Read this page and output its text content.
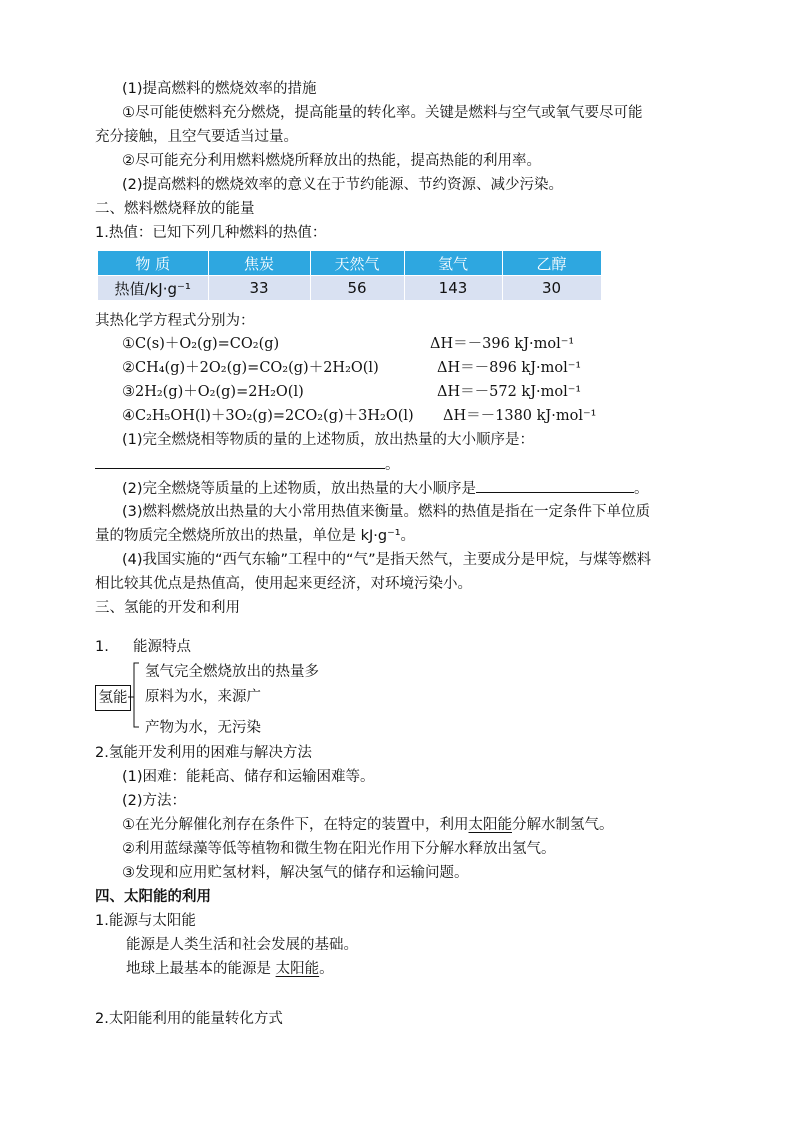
(1)提高燃料的燃烧效率的措施
①尽可能使燃料充分燃烧，提高能量的转化率。关键是燃料与空气或氧气要尽可能
充分接触，且空气要适当过量。
②尽可能充分利用燃料燃烧所释放出的热能，提高热能的利用率。
(2)提高燃料的燃烧效率的意义在于节约能源、节约资源、减少污染。
二、燃料燃烧释放的能量
1.热值：已知下列几种燃料的热值：
物 质	焦炭	天然气	氢气	乙醇
热值/kJ·g⁻¹	33	56	143	30
其热化学方程式分别为：
①C(s)＋O₂(g)=CO₂(g)	ΔH＝－396 kJ·mol⁻¹
②CH₄(g)＋2O₂(g)=CO₂(g)＋2H₂O(l)	ΔH＝－896 kJ·mol⁻¹
③2H₂(g)＋O₂(g)=2H₂O(l)	ΔH＝－572 kJ·mol⁻¹
④C₂H₅OH(l)＋3O₂(g)=2CO₂(g)＋3H₂O(l) ΔH＝－1380 kJ·mol⁻¹
(1)完全燃烧相等物质的量的上述物质，放出热量的大小顺序是：
。
(2)完全燃烧等质量的上述物质，放出热量的大小顺序是	。
(3)燃料燃烧放出热量的大小常用热值来衡量。燃料的热值是指在一定条件下单位质
量的物质完全燃烧所放出的热量，单位是 kJ·g⁻¹。
(4)我国实施的“西气东输”工程中的“气”是指天然气，主要成分是甲烷，与煤等燃料
相比较其优点是热值高，使用起来更经济，对环境污染小。
三、氢能的开发和利用
1. 能源特点
氢能
氢气完全燃烧放出的热量多
原料为水，来源广
产物为水，无污染
2.氢能开发利用的困难与解决方法
(1)困难：能耗高、储存和运输困难等。
(2)方法：
①在光分解催化剂存在条件下，在特定的装置中，利用太阳能分解水制氢气。
②利用蓝绿藻等低等植物和微生物在阳光作用下分解水释放出氢气。
③发现和应用贮氢材料，解决氢气的储存和运输问题。
四、太阳能的利用
1.能源与太阳能
能源是人类生活和社会发展的基础。
地球上最基本的能源是 太阳能。
2.太阳能利用的能量转化方式
